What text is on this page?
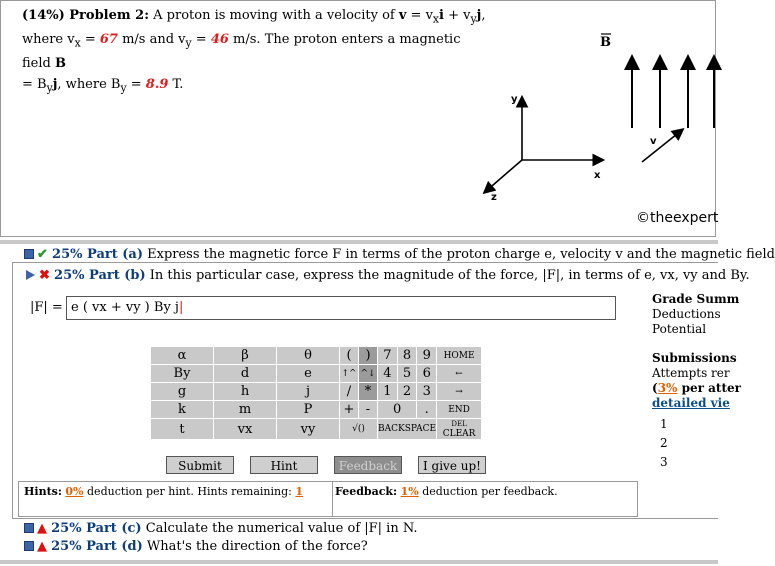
(14%) Problem 2: A proton is moving with a velocity of $v = v_xi + v_yj$,
where $v_x = 67$ m/s and $v_y = 46$ m/s. The proton enters a magnetic field B
= $B_yj$, where $B_y = 8.9$ T.
B
y
x
z
v
©theexpert
✔ 25% Part (a) Express the magnetic force F in terms of the proton charge e, velocity v and the magnetic field
✖ 25% Part (b) In this particular case, express the magnitude of the force, |F|, in terms of e, vx, vy and By.
|F| = e ( vx + vy ) By j|
α	β	θ	(	)	7	8	9	HOME
By	d	e	↑^	^↓	4	5	6	←
g	h	j	/	*	1	2	3	→
k	m	P	+	-	0		.	END
t	vx	vy	√()		BACKSPACE			DEL CLEAR
Submit	Hint	Feedback	I give up!
Hints: 0% deduction per hint. Hints remaining: 1	Feedback: 1% deduction per feedback.
Grade Summ
Deductions
Potential
Submissions
Attempts rer
(3% per atter
detailed vie
1
2
3
▲ 25% Part (c) Calculate the numerical value of |F| in N.
▲ 25% Part (d) What's the direction of the force?
